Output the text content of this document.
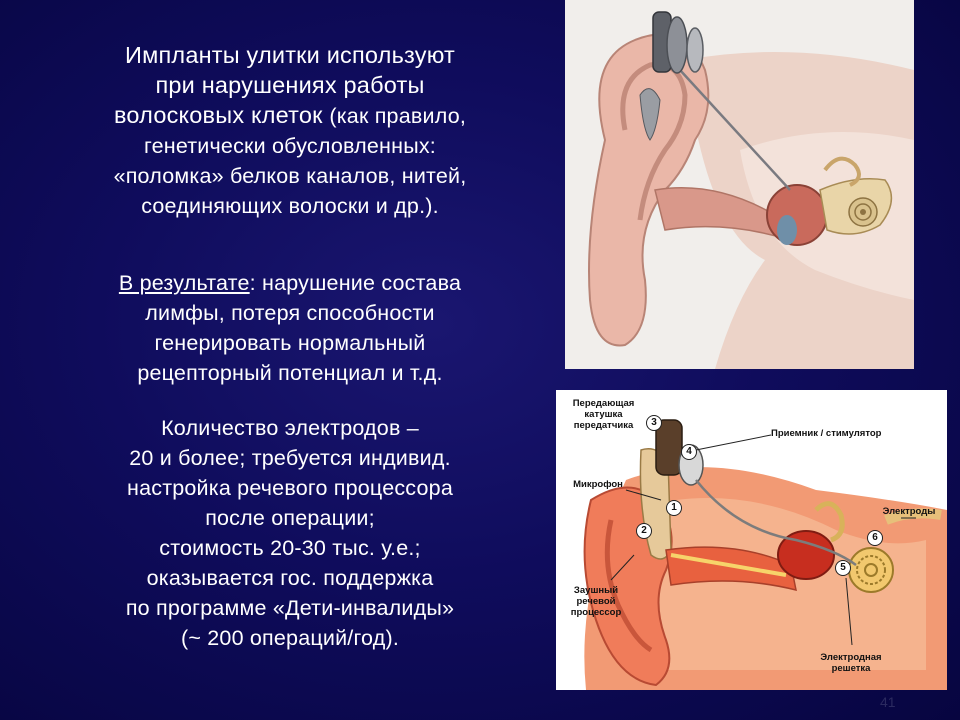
Импланты улитки используют
при нарушениях работы
волосковых клеток (как правило,
генетически обусловленных:
«поломка» белков каналов, нитей,
соединяющих волоски и др.).
В результате: нарушение состава
лимфы, потеря способности
генерировать нормальный
рецепторный потенциал и т.д.
Количество электродов –
20 и более; требуется индивид.
настройка речевого процессора
после операции;
стоимость 20-30 тыс. у.е.;
оказывается гос. поддержка
по программе «Дети-инвалиды»
(~ 200 операций/год).
Передающая
катушка
передатчика
Приемник / стимулятор
Микрофон
Электроды
Заушный
речевой
процессор
Электродная
решетка
1
2
3
4
5
6
41
